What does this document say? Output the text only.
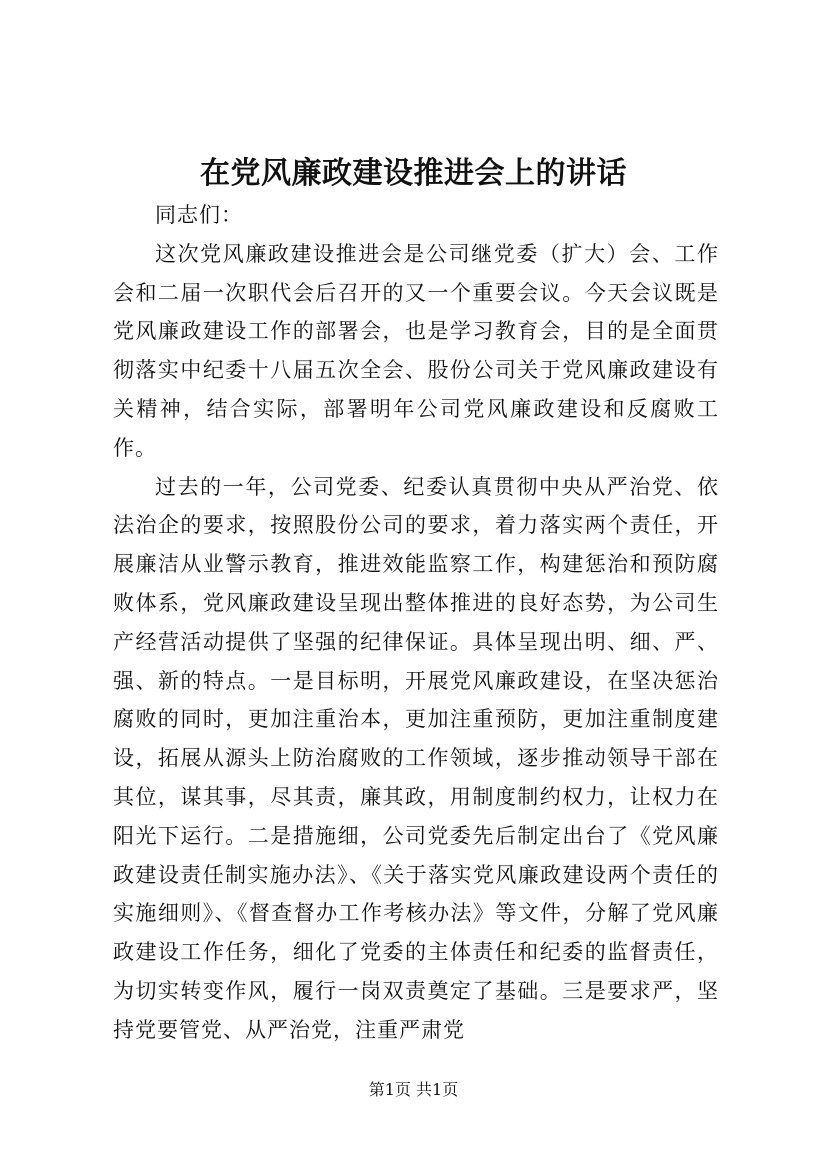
在党风廉政建设推进会上的讲话

同志们：

这次党风廉政建设推进会是公司继党委（扩大）会、工作会和二届一次职代会后召开的又一个重要会议。今天会议既是党风廉政建设工作的部署会，也是学习教育会，目的是全面贯彻落实中纪委十八届五次全会、股份公司关于党风廉政建设有关精神，结合实际，部署明年公司党风廉政建设和反腐败工作。

过去的一年，公司党委、纪委认真贯彻中央从严治党、依法治企的要求，按照股份公司的要求，着力落实两个责任，开展廉洁从业警示教育，推进效能监察工作，构建惩治和预防腐败体系，党风廉政建设呈现出整体推进的良好态势，为公司生产经营活动提供了坚强的纪律保证。具体呈现出明、细、严、强、新的特点。一是目标明，开展党风廉政建设，在坚决惩治腐败的同时，更加注重治本，更加注重预防，更加注重制度建设，拓展从源头上防治腐败的工作领域，逐步推动领导干部在其位，谋其事，尽其责，廉其政，用制度制约权力，让权力在阳光下运行。二是措施细，公司党委先后制定出台了《党风廉政建设责任制实施办法》、《关于落实党风廉政建设两个责任的实施细则》、《督查督办工作考核办法》等文件，分解了党风廉政建设工作任务，细化了党委的主体责任和纪委的监督责任，为切实转变作风，履行一岗双责奠定了基础。三是要求严，坚持党要管党、从严治党，注重严肃党

第1页 共1页
